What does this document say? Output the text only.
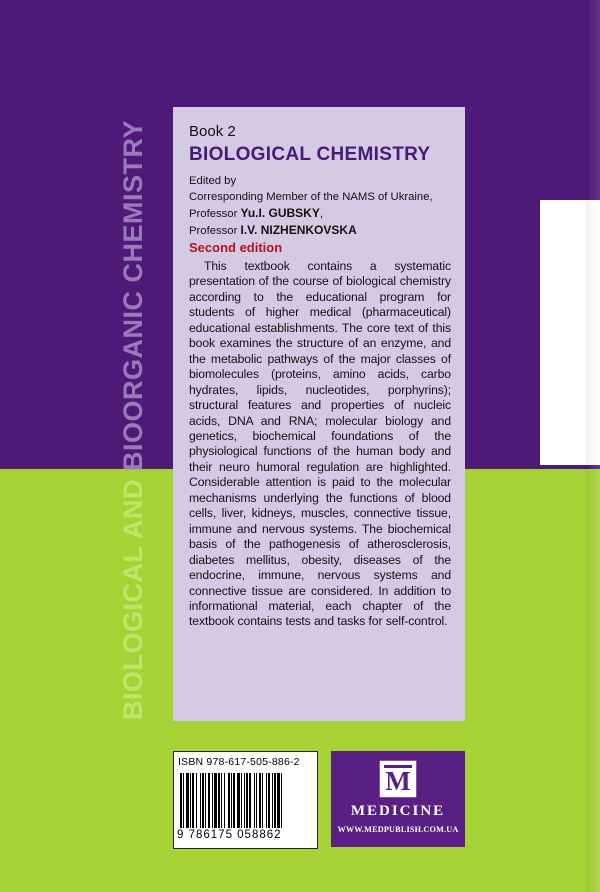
BIOLOGICAL AND BIOORGANIC CHEMISTRY	Book 2
BIOLOGICAL CHEMISTRY
Edited by
Corresponding Member of the NAMS of Ukraine,
Professor Yu.I. GUBSKY,
Professor I.V. NIZHENKOVSKA
Second edition
This textbook contains a systematic presentation of the course of biological chemistry according to the educational program for students of higher medical (pharmaceutical) educational establishments. The core text of this book examines the structure of an enzyme, and the metabolic pathways of the major classes of biomolecules (proteins, amino acids, carbo hydrates, lipids, nucleotides, porphyrins); structural features and properties of nucleic acids, DNA and RNA; molecular biology and genetics, biochemical foundations of the physiological functions of the human body and their neuro humoral regulation are highlighted. Considerable attention is paid to the molecular mechanisms underlying the functions of blood cells, liver, kidneys, muscles, connective tissue, immune and nervous systems. The biochemical basis of the pathogenesis of atherosclerosis, diabetes mellitus, obesity, diseases of the endocrine, immune, nervous systems and connective tissue are considered. In addition to informational material, each chapter of the textbook contains tests and tasks for self-control.
ISBN 978-617-505-886-2
9 786175 058862
M
MEDICINE
WWW.MEDPUBLISH.COM.UA
